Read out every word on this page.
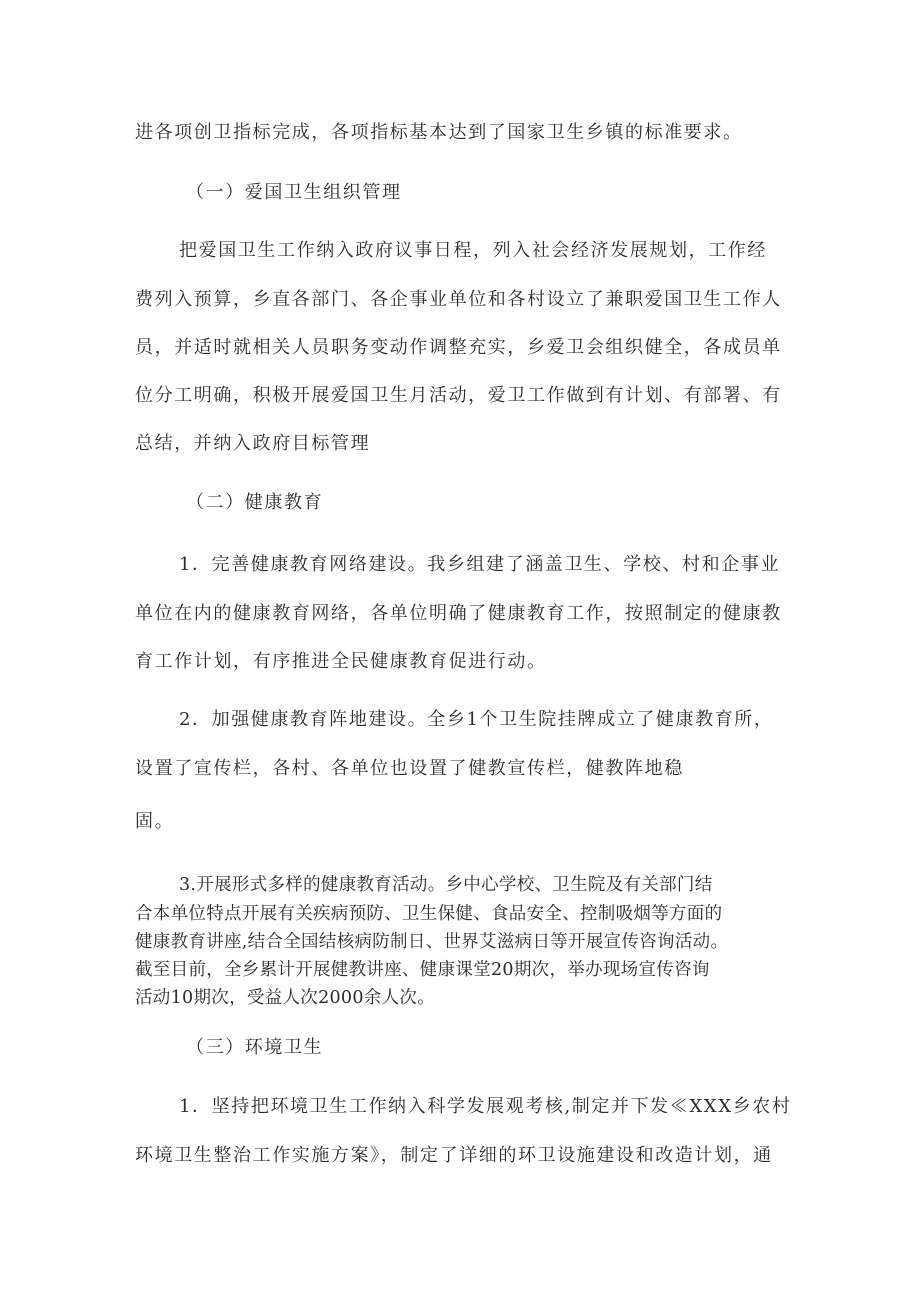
进各项创卫指标完成，各项指标基本达到了国家卫生乡镇的标准要求。
（一）爱国卫生组织管理
把爱国卫生工作纳入政府议事日程，列入社会经济发展规划，工作经
费列入预算，乡直各部门、各企事业单位和各村设立了兼职爱国卫生工作人
员，并适时就相关人员职务变动作调整充实，乡爱卫会组织健全，各成员单
位分工明确，积极开展爱国卫生月活动，爱卫工作做到有计划、有部署、有
总结，并纳入政府目标管理
（二）健康教育
1．完善健康教育网络建设。我乡组建了涵盖卫生、学校、村和企事业
单位在内的健康教育网络，各单位明确了健康教育工作，按照制定的健康教
育工作计划，有序推进全民健康教育促进行动。
2．加强健康教育阵地建设。全乡1个卫生院挂牌成立了健康教育所，
设置了宣传栏，各村、各单位也设置了健教宣传栏，健教阵地稳
固。
3.开展形式多样的健康教育活动。乡中心学校、卫生院及有关部门结
合本单位特点开展有关疾病预防、卫生保健、食品安全、控制吸烟等方面的
健康教育讲座,结合全国结核病防制日、世界艾滋病日等开展宣传咨询活动。
截至目前，全乡累计开展健教讲座、健康课堂20期次，举办现场宣传咨询
活动10期次，受益人次2000余人次。
（三）环境卫生
1．坚持把环境卫生工作纳入科学发展观考核,制定并下发≪XXX乡农村
环境卫生整治工作实施方案》，制定了详细的环卫设施建设和改造计划，通
